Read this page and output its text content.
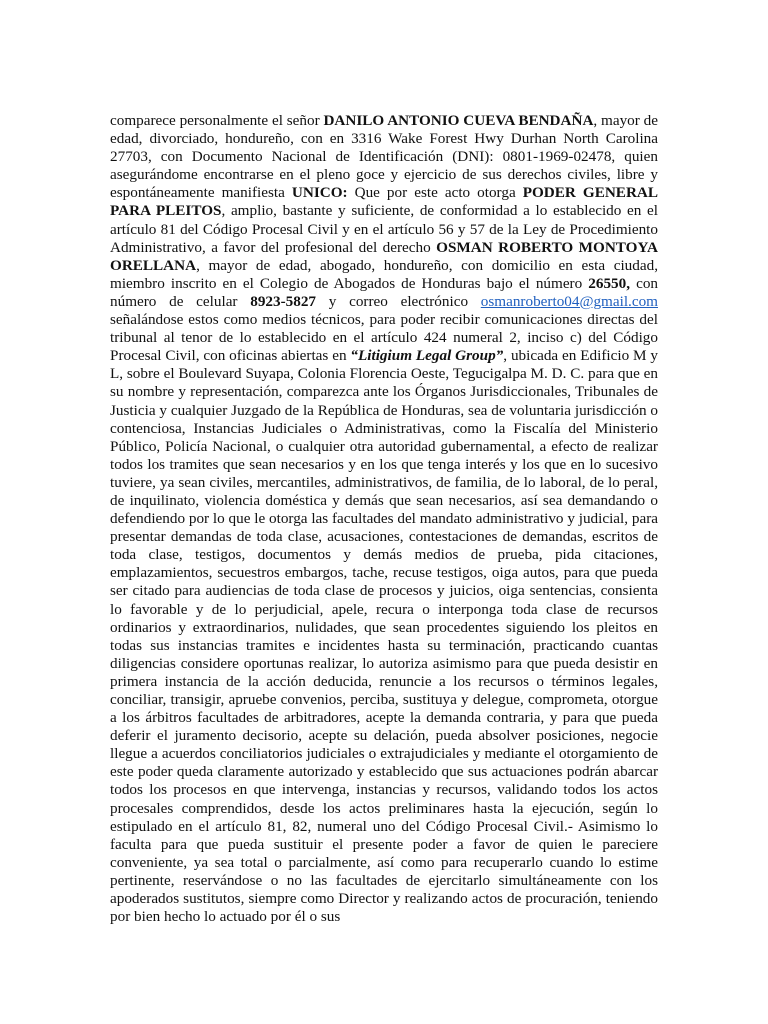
comparece personalmente el señor DANILO ANTONIO CUEVA BENDAÑA, mayor de edad, divorciado, hondureño, con en 3316 Wake Forest Hwy Durhan North Carolina 27703, con Documento Nacional de Identificación (DNI): 0801-1969-02478, quien asegurándome encontrarse en el pleno goce y ejercicio de sus derechos civiles, libre y espontáneamente manifiesta UNICO: Que por este acto otorga PODER GENERAL PARA PLEITOS, amplio, bastante y suficiente, de conformidad a lo establecido en el artículo 81 del Código Procesal Civil y en el artículo 56 y 57 de la Ley de Procedimiento Administrativo, a favor del profesional del derecho OSMAN ROBERTO MONTOYA ORELLANA, mayor de edad, abogado, hondureño, con domicilio en esta ciudad, miembro inscrito en el Colegio de Abogados de Honduras bajo el número 26550, con número de celular 8923-5827 y correo electrónico osmanroberto04@gmail.com señalándose estos como medios técnicos, para poder recibir comunicaciones directas del tribunal al tenor de lo establecido en el artículo 424 numeral 2, inciso c) del Código Procesal Civil, con oficinas abiertas en “Litigium Legal Group”, ubicada en Edificio M y L, sobre el Boulevard Suyapa, Colonia Florencia Oeste, Tegucigalpa M. D. C. para que en su nombre y representación, comparezca ante los Órganos Jurisdiccionales, Tribunales de Justicia y cualquier Juzgado de la República de Honduras, sea de voluntaria jurisdicción o contenciosa, Instancias Judiciales o Administrativas, como la Fiscalía del Ministerio Público, Policía Nacional, o cualquier otra autoridad gubernamental, a efecto de realizar todos los tramites que sean necesarios y en los que tenga interés y los que en lo sucesivo tuviere, ya sean civiles, mercantiles, administrativos, de familia, de lo laboral, de lo peral, de inquilinato, violencia doméstica y demás que sean necesarios, así sea demandando o defendiendo por lo que le otorga las facultades del mandato administrativo y judicial, para presentar demandas de toda clase, acusaciones, contestaciones de demandas, escritos de toda clase, testigos, documentos y demás medios de prueba, pida citaciones, emplazamientos, secuestros embargos, tache, recuse testigos, oiga autos, para que pueda ser citado para audiencias de toda clase de procesos y juicios, oiga sentencias, consienta lo favorable y de lo perjudicial, apele, recura o interponga toda clase de recursos ordinarios y extraordinarios, nulidades, que sean procedentes siguiendo los pleitos en todas sus instancias tramites e incidentes hasta su terminación, practicando cuantas diligencias considere oportunas realizar, lo autoriza asimismo para que pueda desistir en primera instancia de la acción deducida, renuncie a los recursos o términos legales, conciliar, transigir, apruebe convenios, perciba, sustituya y delegue, comprometa, otorgue a los árbitros facultades de arbitradores, acepte la demanda contraria, y para que pueda deferir el juramento decisorio, acepte su delación, pueda absolver posiciones, negocie llegue a acuerdos conciliatorios judiciales o extrajudiciales y mediante el otorgamiento de este poder queda claramente autorizado y establecido que sus actuaciones podrán abarcar todos los procesos en que intervenga, instancias y recursos, validando todos los actos procesales comprendidos, desde los actos preliminares hasta la ejecución, según lo estipulado en el artículo 81, 82, numeral uno del Código Procesal Civil.- Asimismo lo faculta para que pueda sustituir el presente poder a favor de quien le pareciere conveniente, ya sea total o parcialmente, así como para recuperarlo cuando lo estime pertinente, reservándose o no las facultades de ejercitarlo simultáneamente con los apoderados sustitutos, siempre como Director y realizando actos de procuración, teniendo por bien hecho lo actuado por él o sus
